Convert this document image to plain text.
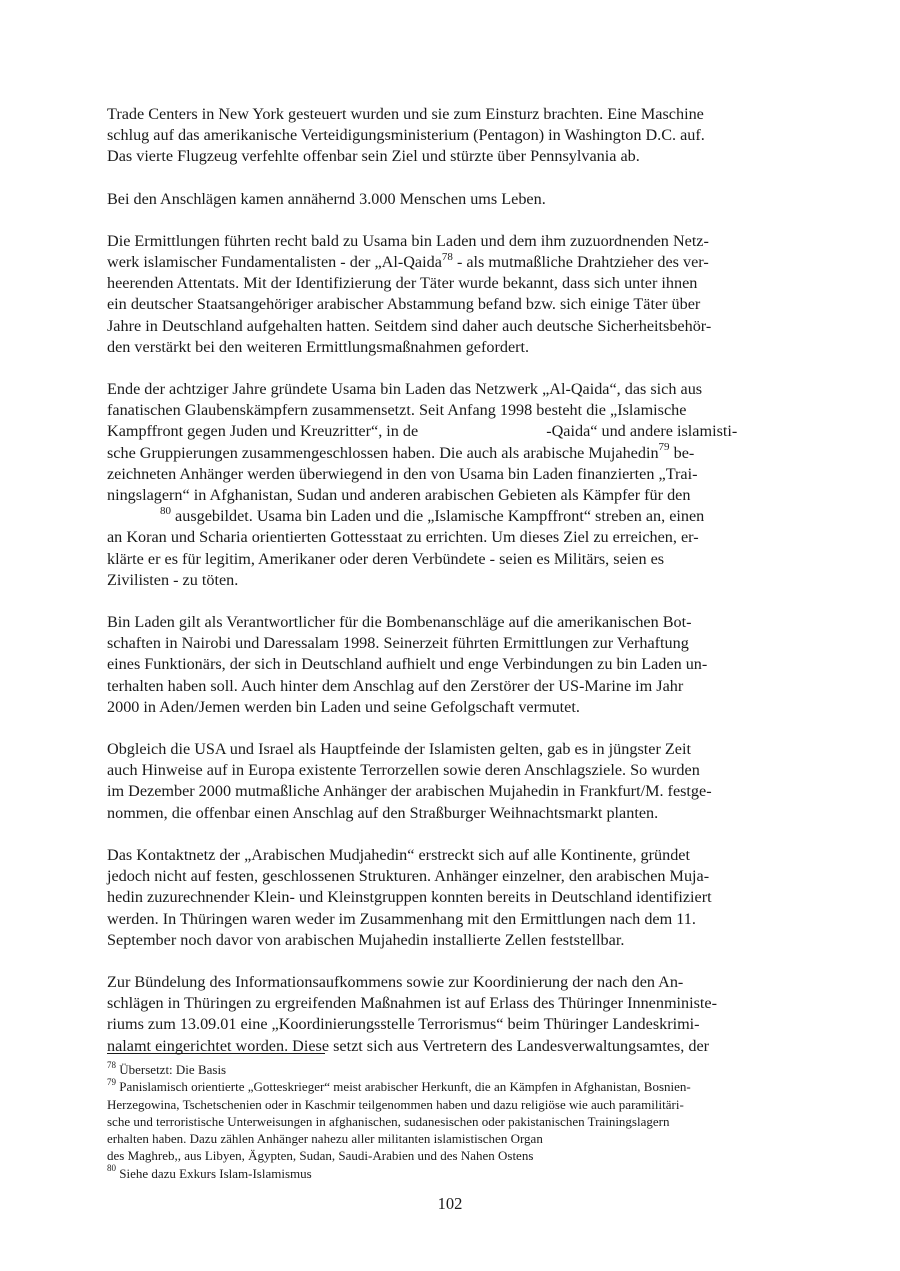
Trade Centers in New York gesteuert wurden und sie zum Einsturz brachten. Eine Maschine
schlug auf das amerikanische Verteidigungsministerium (Pentagon) in Washington D.C. auf.
Das vierte Flugzeug verfehlte offenbar sein Ziel und stürzte über Pennsylvania ab.

Bei den Anschlägen kamen annähernd 3.000 Menschen ums Leben.

Die Ermittlungen führten recht bald zu Usama bin Laden und dem ihm zuzuordnenden Netz-
werk islamischer Fundamentalisten - der „Al-Qaida$^{78}$ - als mutmaßliche Drahtzieher des ver-
heerenden Attentats. Mit der Identifizierung der Täter wurde bekannt, dass sich unter ihnen
ein deutscher Staatsangehöriger arabischer Abstammung befand bzw. sich einige Täter über
Jahre in Deutschland aufgehalten hatten. Seitdem sind daher auch deutsche Sicherheitsbehör-
den verstärkt bei den weiteren Ermittlungsmaßnahmen gefordert.

Ende der achtziger Jahre gründete Usama bin Laden das Netzwerk „Al-Qaida“, das sich aus
fanatischen Glaubenskämpfern zusammensetzt. Seit Anfang 1998 besteht die „Islamische
Kampffront gegen Juden und Kreuzritter“, in de	-Qaida“ und andere islamisti-
sche Gruppierungen zusammengeschlossen haben. Die auch als arabische Mujahedin$^{79}$ be-
zeichneten Anhänger werden überwiegend in den von Usama bin Laden finanzierten „Trai-
ningslagern“ in Afghanistan, Sudan und anderen arabischen Gebieten als Kämpfer für den
$^{80}$ ausgebildet. Usama bin Laden und die „Islamische Kampffront“ streben an, einen
an Koran und Scharia orientierten Gottesstaat zu errichten. Um dieses Ziel zu erreichen, er-
klärte er es für legitim, Amerikaner oder deren Verbündete - seien es Militärs, seien es
Zivilisten - zu töten.

Bin Laden gilt als Verantwortlicher für die Bombenanschläge auf die amerikanischen Bot-
schaften in Nairobi und Daressalam 1998. Seinerzeit führten Ermittlungen zur Verhaftung
eines Funktionärs, der sich in Deutschland aufhielt und enge Verbindungen zu bin Laden un-
terhalten haben soll. Auch hinter dem Anschlag auf den Zerstörer der US-Marine im Jahr
2000 in Aden/Jemen werden bin Laden und seine Gefolgschaft vermutet.

Obgleich die USA und Israel als Hauptfeinde der Islamisten gelten, gab es in jüngster Zeit
auch Hinweise auf in Europa existente Terrorzellen sowie deren Anschlagsziele. So wurden
im Dezember 2000 mutmaßliche Anhänger der arabischen Mujahedin in Frankfurt/M. festge-
nommen, die offenbar einen Anschlag auf den Straßburger Weihnachtsmarkt planten.

Das Kontaktnetz der „Arabischen Mudjahedin“ erstreckt sich auf alle Kontinente, gründet
jedoch nicht auf festen, geschlossenen Strukturen. Anhänger einzelner, den arabischen Muja-
hedin zuzurechnender Klein- und Kleinstgruppen konnten bereits in Deutschland identifiziert
werden. In Thüringen waren weder im Zusammenhang mit den Ermittlungen nach dem 11.
September noch davor von arabischen Mujahedin installierte Zellen feststellbar.

Zur Bündelung des Informationsaufkommens sowie zur Koordinierung der nach den An-
schlägen in Thüringen zu ergreifenden Maßnahmen ist auf Erlass des Thüringer Innenministe-
riums zum 13.09.01 eine „Koordinierungsstelle Terrorismus“ beim Thüringer Landeskrimi-
nalamt eingerichtet worden. Diese setzt sich aus Vertretern des Landesverwaltungsamtes, der

$^{78}$ Übersetzt: Die Basis
$^{79}$ Panislamisch orientierte „Gotteskrieger“ meist arabischer Herkunft, die an Kämpfen in Afghanistan, Bosnien-
Herzegowina, Tschetschenien oder in Kaschmir teilgenommen haben und dazu religiöse wie auch paramilitäri-
sche und terroristische Unterweisungen in afghanischen, sudanesischen oder pakistanischen Trainingslagern
erhalten haben. Dazu zählen Anhänger nahezu aller militanten islamistischen Organ
des Maghreb,, aus Libyen, Ägypten, Sudan, Saudi-Arabien und des Nahen Ostens
$^{80}$ Siehe dazu Exkurs Islam-Islamismus
102
